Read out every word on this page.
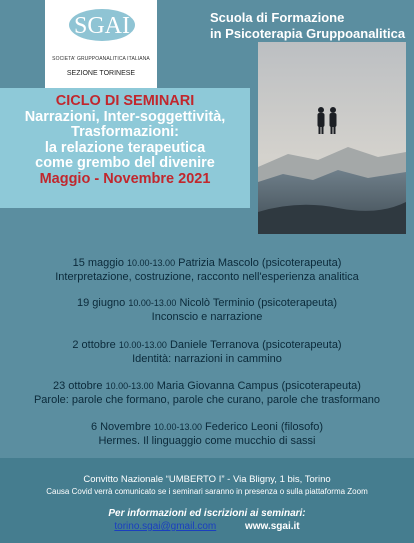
SGAI
SOCIETA' GRUPPOANALITICA ITALIANA
SEZIONE TORINESE
Scuola di Formazione
in Psicoterapia Gruppoanalitica
CICLO DI SEMINARI
Narrazioni, Inter-soggettività,
Trasformazioni:
la relazione terapeutica
come grembo del divenire
Maggio - Novembre 2021
15 maggio 10.00-13.00 Patrizia Mascolo (psicoterapeuta)
Interpretazione, costruzione, racconto nell'esperienza analitica
19 giugno 10.00-13.00 Nicolò Terminio (psicoterapeuta)
Inconscio e narrazione
2 ottobre 10.00-13.00 Daniele Terranova (psicoterapeuta)
Identità: narrazioni in cammino
23 ottobre 10.00-13.00 Maria Giovanna Campus (psicoterapeuta)
Parole: parole che formano, parole che curano, parole che trasformano
6 Novembre 10.00-13.00 Federico Leoni (filosofo)
Hermes. Il linguaggio come mucchio di sassi
Convitto Nazionale “UMBERTO I” - Via Bligny, 1 bis, Torino
Causa Covid verrà comunicato se i seminari saranno in presenza o sulla piattaforma Zoom
Per informazioni ed iscrizioni ai seminari:
torino.sgai@gmail.com	www.sgai.it
